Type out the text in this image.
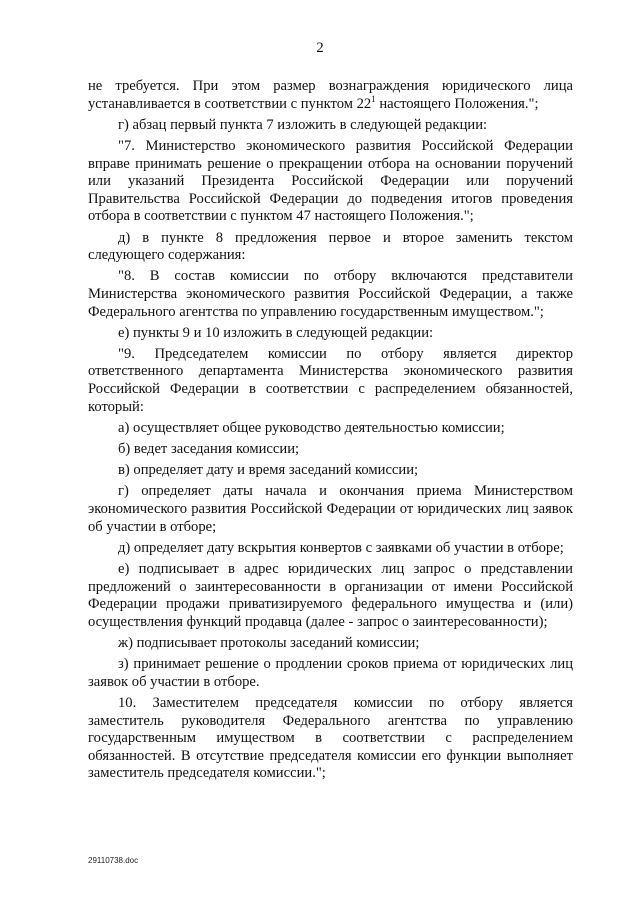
2

не требуется. При этом размер вознаграждения юридического лица устанавливается в соответствии с пунктом $22^1$ настоящего Положения.";

г) абзац первый пункта 7 изложить в следующей редакции:

"7. Министерство экономического развития Российской Федерации вправе принимать решение о прекращении отбора на основании поручений или указаний Президента Российской Федерации или поручений Правительства Российской Федерации до подведения итогов проведения отбора в соответствии с пунктом 47 настоящего Положения.";

д) в пункте 8 предложения первое и второе заменить текстом следующего содержания:

"8. В состав комиссии по отбору включаются представители Министерства экономического развития Российской Федерации, а также Федерального агентства по управлению государственным имуществом.";

е) пункты 9 и 10 изложить в следующей редакции:

"9. Председателем комиссии по отбору является директор ответственного департамента Министерства экономического развития Российской Федерации в соответствии с распределением обязанностей, который:

а) осуществляет общее руководство деятельностью комиссии;

б) ведет заседания комиссии;

в) определяет дату и время заседаний комиссии;

г) определяет даты начала и окончания приема Министерством экономического развития Российской Федерации от юридических лиц заявок об участии в отборе;

д) определяет дату вскрытия конвертов с заявками об участии в отборе;

е) подписывает в адрес юридических лиц запрос о представлении предложений о заинтересованности в организации от имени Российской Федерации продажи приватизируемого федерального имущества и (или) осуществления функций продавца (далее - запрос о заинтересованности);

ж) подписывает протоколы заседаний комиссии;

з) принимает решение о продлении сроков приема от юридических лиц заявок об участии в отборе.

10. Заместителем председателя комиссии по отбору является заместитель руководителя Федерального агентства по управлению государственным имуществом в соответствии с распределением обязанностей. В отсутствие председателя комиссии его функции выполняет заместитель председателя комиссии.";

29110738.doc
